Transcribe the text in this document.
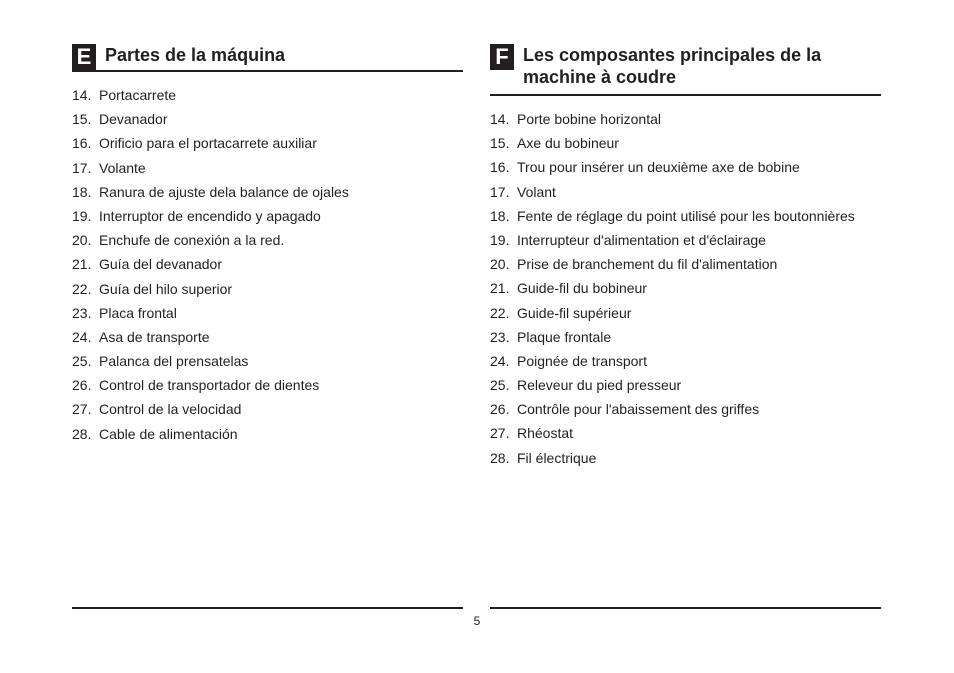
E Partes de la máquina
14. Portacarrete
15. Devanador
16. Orificio para el portacarrete auxiliar
17. Volante
18. Ranura de ajuste dela balance de ojales
19. Interruptor de encendido y apagado
20. Enchufe de conexión a la red.
21. Guía del devanador
22. Guía del hilo superior
23. Placa frontal
24. Asa de transporte
25. Palanca del prensatelas
26. Control de transportador de dientes
27. Control de la velocidad
28. Cable de alimentación
F Les composantes principales de la machine à coudre
14. Porte bobine horizontal
15. Axe du bobineur
16. Trou pour insérer un deuxième axe de bobine
17. Volant
18. Fente de réglage du point utilisé pour les boutonnières
19. Interrupteur d'alimentation et d'éclairage
20. Prise de branchement du fil d'alimentation
21. Guide-fil du bobineur
22. Guide-fil supérieur
23. Plaque frontale
24. Poignée de transport
25. Releveur du pied presseur
26. Contrôle pour l'abaissement des griffes
27. Rhéostat
28. Fil électrique
5
